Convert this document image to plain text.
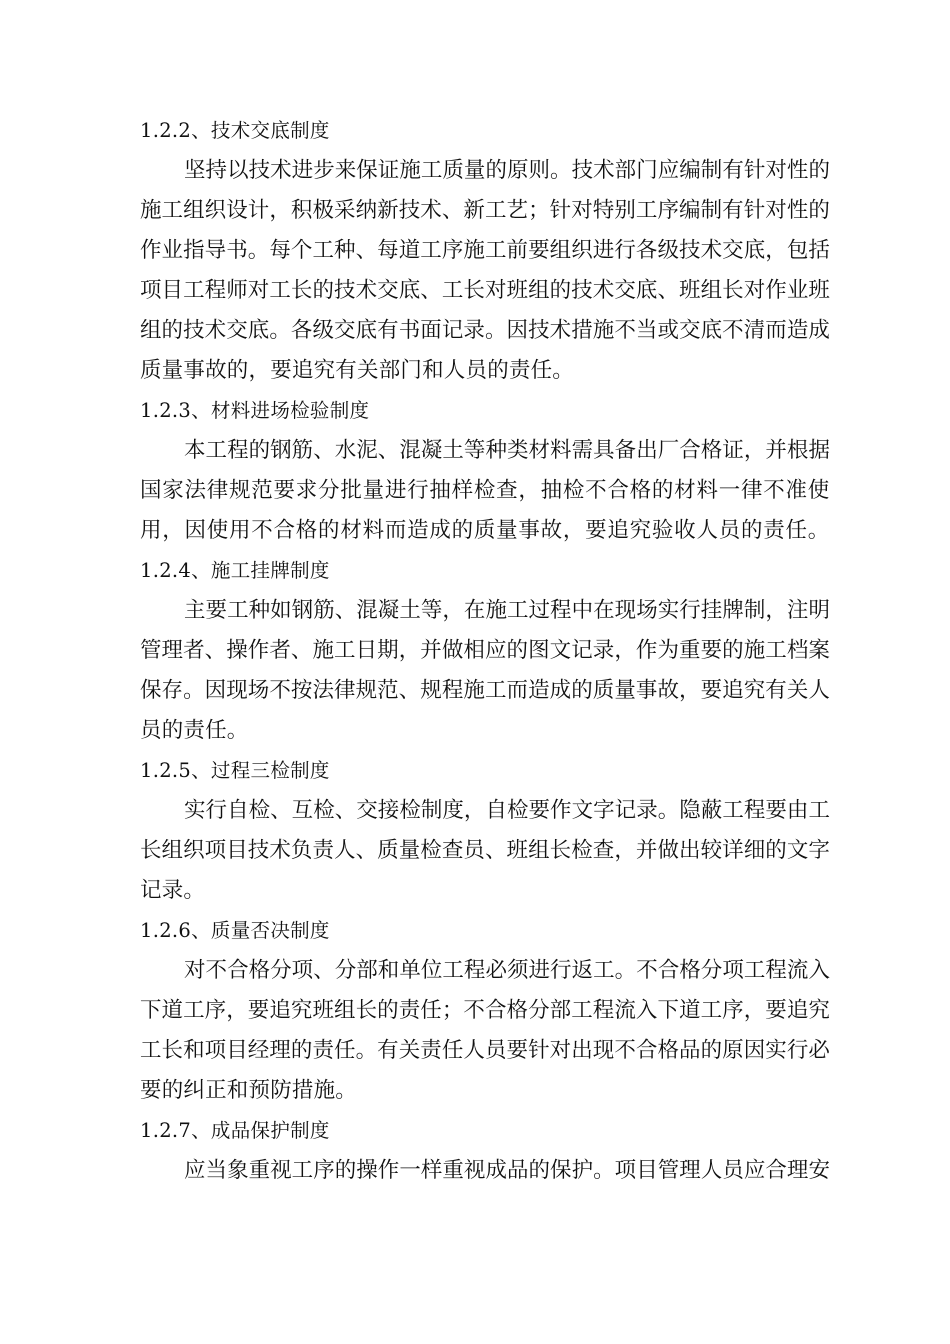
1.2.2、技术交底制度
坚持以技术进步来保证施工质量的原则。技术部门应编制有针对性的
施工组织设计，积极采纳新技术、新工艺；针对特别工序编制有针对性的
作业指导书。每个工种、每道工序施工前要组织进行各级技术交底，包括
项目工程师对工长的技术交底、工长对班组的技术交底、班组长对作业班
组的技术交底。各级交底有书面记录。因技术措施不当或交底不清而造成
质量事故的，要追究有关部门和人员的责任。
1.2.3、材料进场检验制度
本工程的钢筋、水泥、混凝土等种类材料需具备出厂合格证，并根据
国家法律规范要求分批量进行抽样检查，抽检不合格的材料一律不准使
用，因使用不合格的材料而造成的质量事故，要追究验收人员的责任。
1.2.4、施工挂牌制度
主要工种如钢筋、混凝土等，在施工过程中在现场实行挂牌制，注明
管理者、操作者、施工日期，并做相应的图文记录，作为重要的施工档案
保存。因现场不按法律规范、规程施工而造成的质量事故，要追究有关人
员的责任。
1.2.5、过程三检制度
实行自检、互检、交接检制度，自检要作文字记录。隐蔽工程要由工
长组织项目技术负责人、质量检查员、班组长检查，并做出较详细的文字
记录。
1.2.6、质量否决制度
对不合格分项、分部和单位工程必须进行返工。不合格分项工程流入
下道工序，要追究班组长的责任；不合格分部工程流入下道工序，要追究
工长和项目经理的责任。有关责任人员要针对出现不合格品的原因实行必
要的纠正和预防措施。
1.2.7、成品保护制度
应当象重视工序的操作一样重视成品的保护。项目管理人员应合理安
